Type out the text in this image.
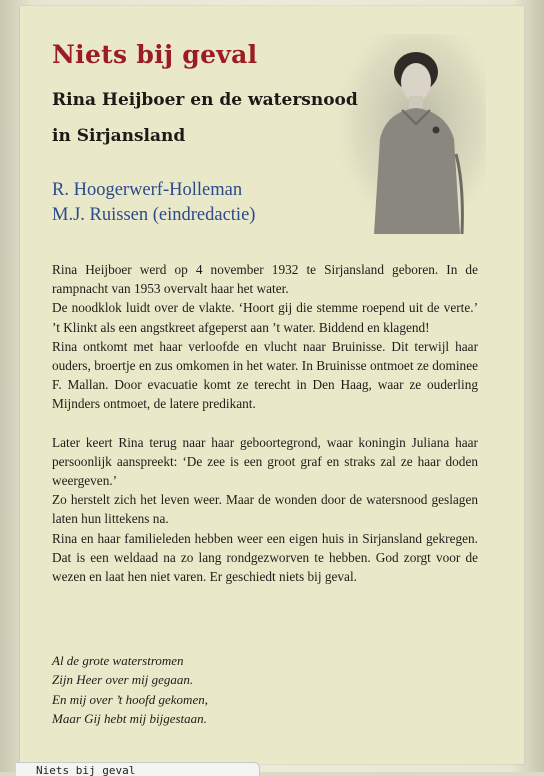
Niets bij geval
Rina Heijboer en de watersnood
in Sirjansland
R. Hoogerwerf-Holleman
M.J. Ruissen (eindredactie)

Rina Heijboer werd op 4 november 1932 te Sirjansland geboren. In de rampnacht van 1953 overvalt haar het water.

De noodklok luidt over de vlakte. ‘Hoort gij die stemme roepend uit de verte.’ ’t Klinkt als een angstkreet afgeperst aan ’t water. Biddend en klagend!

Rina ontkomt met haar verloofde en vlucht naar Bruinisse. Dit terwijl haar ouders, broertje en zus omkomen in het water. In Bruinisse ontmoet ze dominee F. Mallan. Door evacuatie komt ze terecht in Den Haag, waar ze ouderling Mijnders ontmoet, de latere predikant.

Later keert Rina terug naar haar geboortegrond, waar koningin Juliana haar persoonlijk aanspreekt: ‘De zee is een groot graf en straks zal ze haar doden weergeven.’

Zo herstelt zich het leven weer. Maar de wonden door de watersnood geslagen laten hun littekens na.

Rina en haar familieleden hebben weer een eigen huis in Sirjansland gekregen. Dat is een weldaad na zo lang rondgezworven te hebben. God zorgt voor de wezen en laat hen niet varen. Er geschiedt niets bij geval.

Al de grote waterstromen
Zijn Heer over mij gegaan.
En mij over ’t hoofd gekomen,
Maar Gij hebt mij bijgestaan.
Niets bij geval
